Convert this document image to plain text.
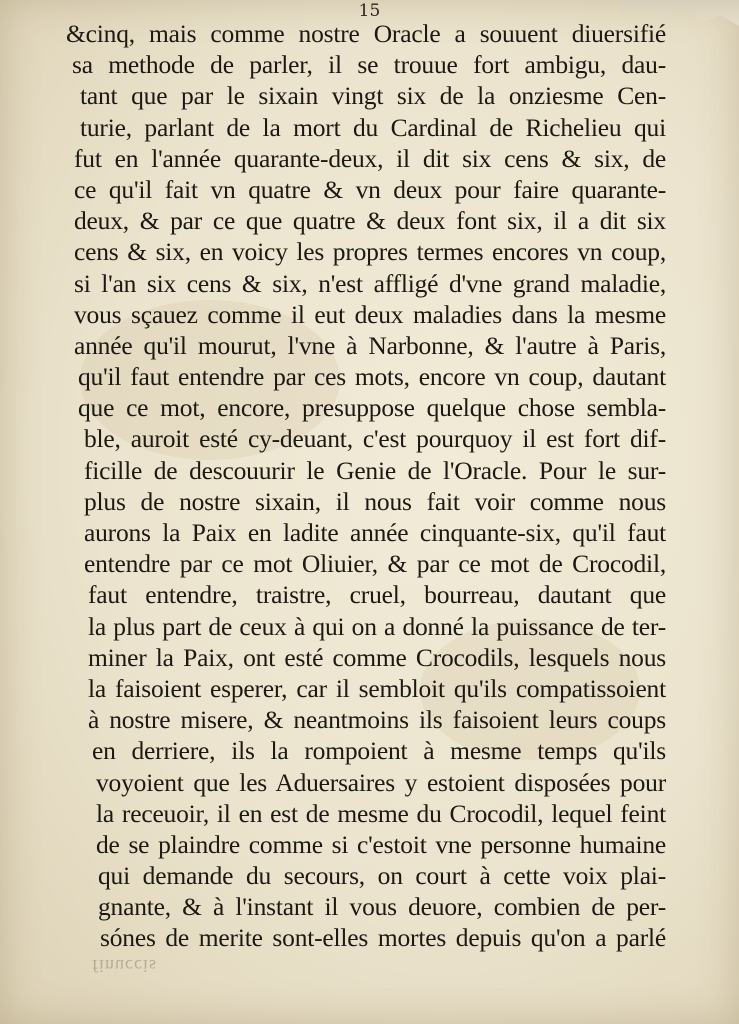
15
&cinq, mais comme nostre Oracle a souuent diuersifié
sa methode de parler, il se trouue fort ambigu, dau-
tant que par le sixain vingt six de la onziesme Cen-
turie, parlant de la mort du Cardinal de Richelieu qui
fut en l'année quarante-deux, il dit six cens & six, de
ce qu'il fait vn quatre & vn deux pour faire quarante-
deux, & par ce que quatre & deux font six, il a dit six
cens & six, en voicy les propres termes encores vn coup,
si l'an six cens & six, n'est affligé d'vne grand maladie,
vous sçauez comme il eut deux maladies dans la mesme
année qu'il mourut, l'vne à Narbonne, & l'autre à Paris,
qu'il faut entendre par ces mots, encore vn coup, dautant
que ce mot, encore, presuppose quelque chose sembla-
ble, auroit esté cy-deuant, c'est pourquoy il est fort dif-
ficille de descouurir le Genie de l'Oracle. Pour le sur-
plus de nostre sixain, il nous fait voir comme nous
aurons la Paix en ladite année cinquante-six, qu'il faut
entendre par ce mot Oliuier, & par ce mot de Crocodil,
faut entendre, traistre, cruel, bourreau, dautant que
la plus part de ceux à qui on a donné la puissance de ter-
miner la Paix, ont esté comme Crocodils, lesquels nous
la faisoient esperer, car il sembloit qu'ils compatissoient
à nostre misere, & neantmoins ils faisoient leurs coups
en derriere, ils la rompoient à mesme temps qu'ils
voyoient que les Aduersaires y estoient disposées pour
la receuoir, il en est de mesme du Crocodil, lequel feint
de se plaindre comme si c'estoit vne personne humaine
qui demande du secours, on court à cette voix plai-
gnante, & à l'instant il vous deuore, combien de per-
sónes de merite sont-elles mortes depuis qu'on a parlé
finuccis
